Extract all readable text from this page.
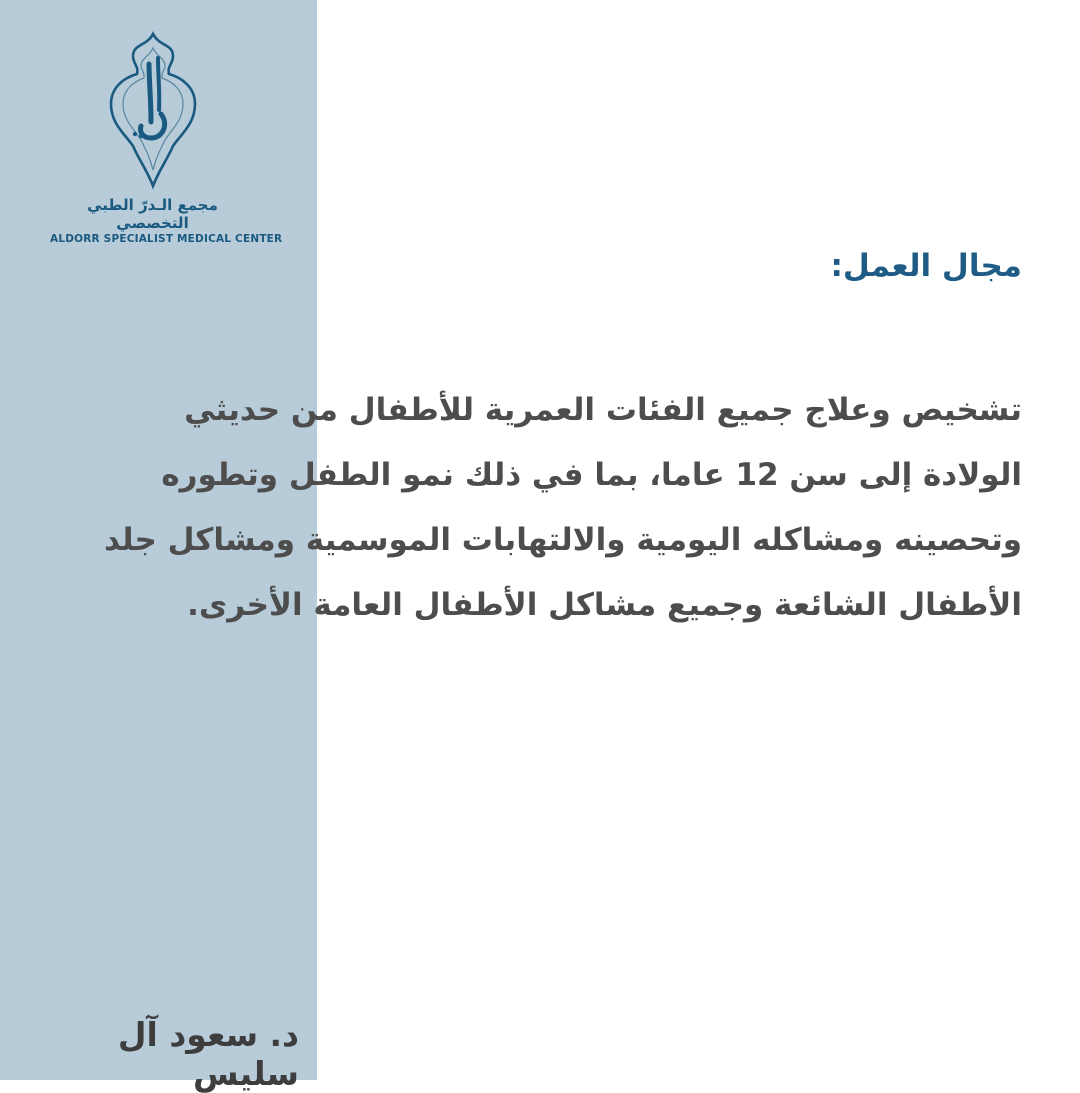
مجمع الـدرّ الطبي التخصصي
ALDORR SPECIALIST MEDICAL CENTER
مجال العمل:

تشخيص وعلاج جميع الفئات العمرية للأطفال من حديثي
الولادة إلى سن 12 عاما، بما في ذلك نمو الطفل وتطوره
وتحصينه ومشاكله اليومية والالتهابات الموسمية ومشاكل جلد
الأطفال الشائعة وجميع مشاكل الأطفال العامة الأخرى.

د. سعود آل سليس
